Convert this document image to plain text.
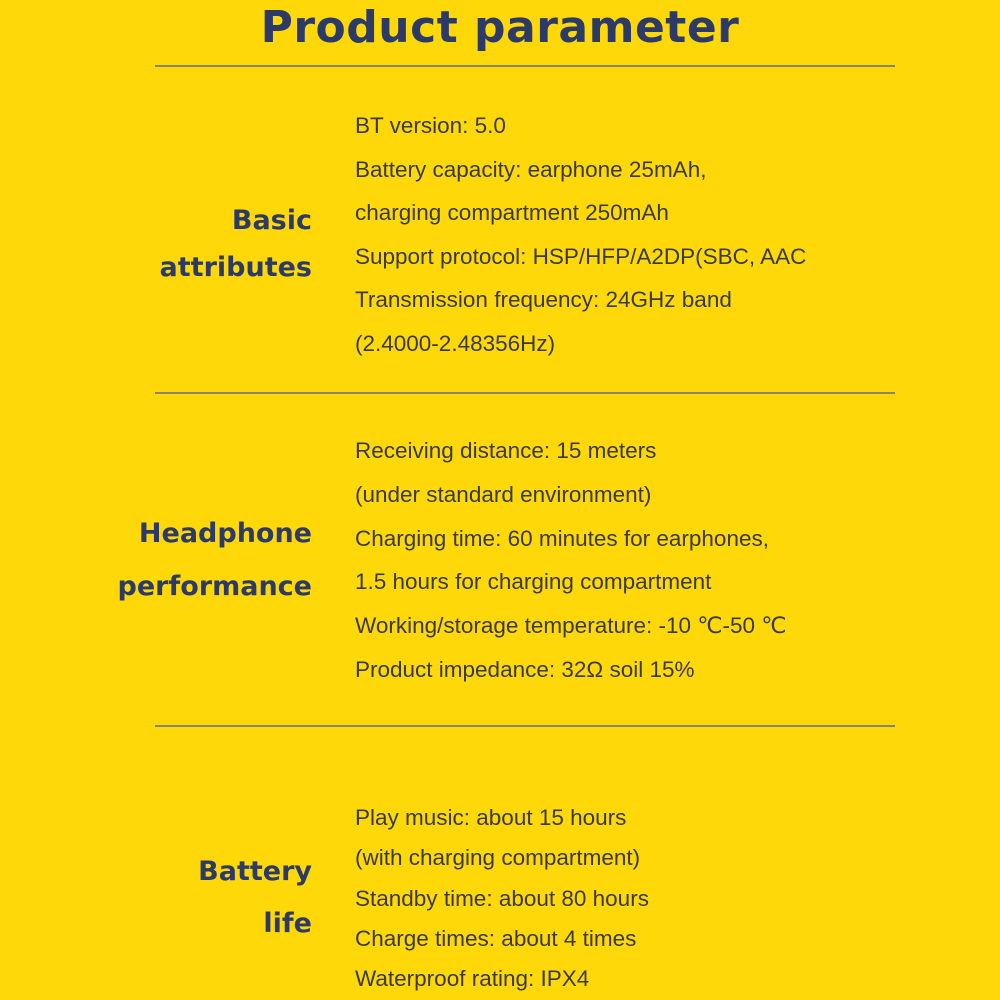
Product parameter
Basic
attributes
BT version: 5.0
Battery capacity: earphone 25mAh,
charging compartment 250mAh
Support protocol: HSP/HFP/A2DP(SBC, AAC
Transmission frequency: 24GHz band
(2.4000-2.48356Hz)
Headphone
performance
Receiving distance: 15 meters
(under standard environment)
Charging time: 60 minutes for earphones,
1.5 hours for charging compartment
Working/storage temperature: -10 ℃-50 ℃
Product impedance: 32Ω soil 15%
Battery
life
Play music: about 15 hours
(with charging compartment)
Standby time: about 80 hours
Charge times: about 4 times
Waterproof rating: IPX4
